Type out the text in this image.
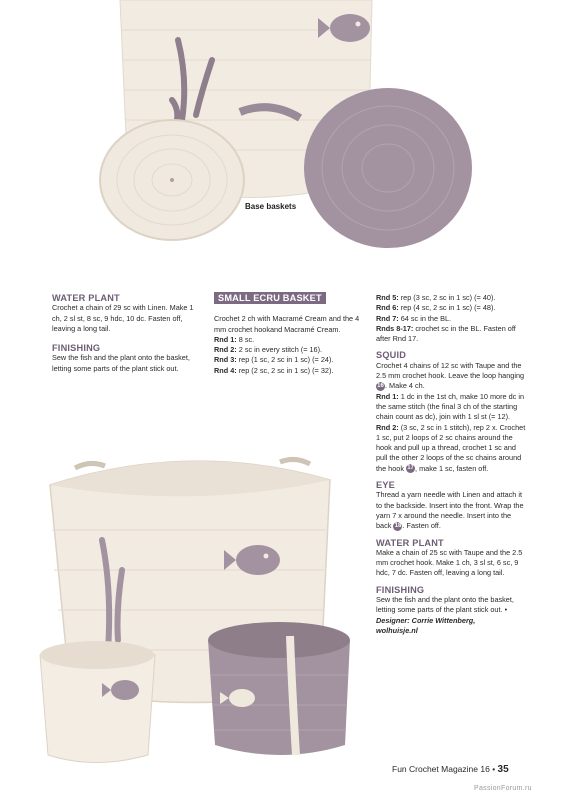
Base baskets

WATER PLANT

Crochet a chain of 29 sc with Linen. Make 1 ch, 2 sl st, 8 sc, 9 hdc, 10 dc. Fasten off, leaving a long tail.

FINISHING

Sew the fish and the plant onto the basket, letting some parts of the plant stick out.

SMALL ECRU BASKET

Crochet 2 ch with Macramé Cream and the 4 mm crochet hookand Macramé Cream.

Rnd 1: 8 sc.

Rnd 2: 2 sc in every stitch (= 16).

Rnd 3: rep (1 sc, 2 sc in 1 sc) (= 24).

Rnd 4: rep (2 sc, 2 sc in 1 sc) (= 32).

Rnd 5: rep (3 sc, 2 sc in 1 sc) (= 40).

Rnd 6: rep (4 sc, 2 sc in 1 sc) (= 48).

Rnd 7: 64 sc in the BL.

Rnds 8-17: crochet sc in the BL. Fasten off after Rnd 17.

SQUID

Crochet 4 chains of 12 sc with Taupe and the 2.5 mm crochet hook. Leave the loop hanging 16. Make 4 ch.

Rnd 1: 1 dc in the 1st ch, make 10 more dc in the same stitch (the final 3 ch of the starting chain count as dc), join with 1 sl st (= 12).

Rnd 2: (3 sc, 2 sc in 1 stitch), rep 2 x. Crochet 1 sc, put 2 loops of 2 sc chains around the hook and pull up a thread, crochet 1 sc and pull the other 2 loops of the sc chains around the hook 17, make 1 sc, fasten off.

EYE

Thread a yarn needle with Linen and attach it to the backside. Insert into the front. Wrap the yarn 7 x around the needle. Insert into the back 18. Fasten off.

WATER PLANT

Make a chain of 25 sc with Taupe and the 2.5 mm crochet hook. Make 1 ch, 3 sl st, 6 sc, 9 hdc, 7 dc. Fasten off, leaving a long tail.

FINISHING

Sew the fish and the plant onto the basket, letting some parts of the plant stick out. •

Designer: Corrie Wittenberg,

wolhuisje.nl

Fun Crochet Magazine 16 • 35
PassionForum.ru
